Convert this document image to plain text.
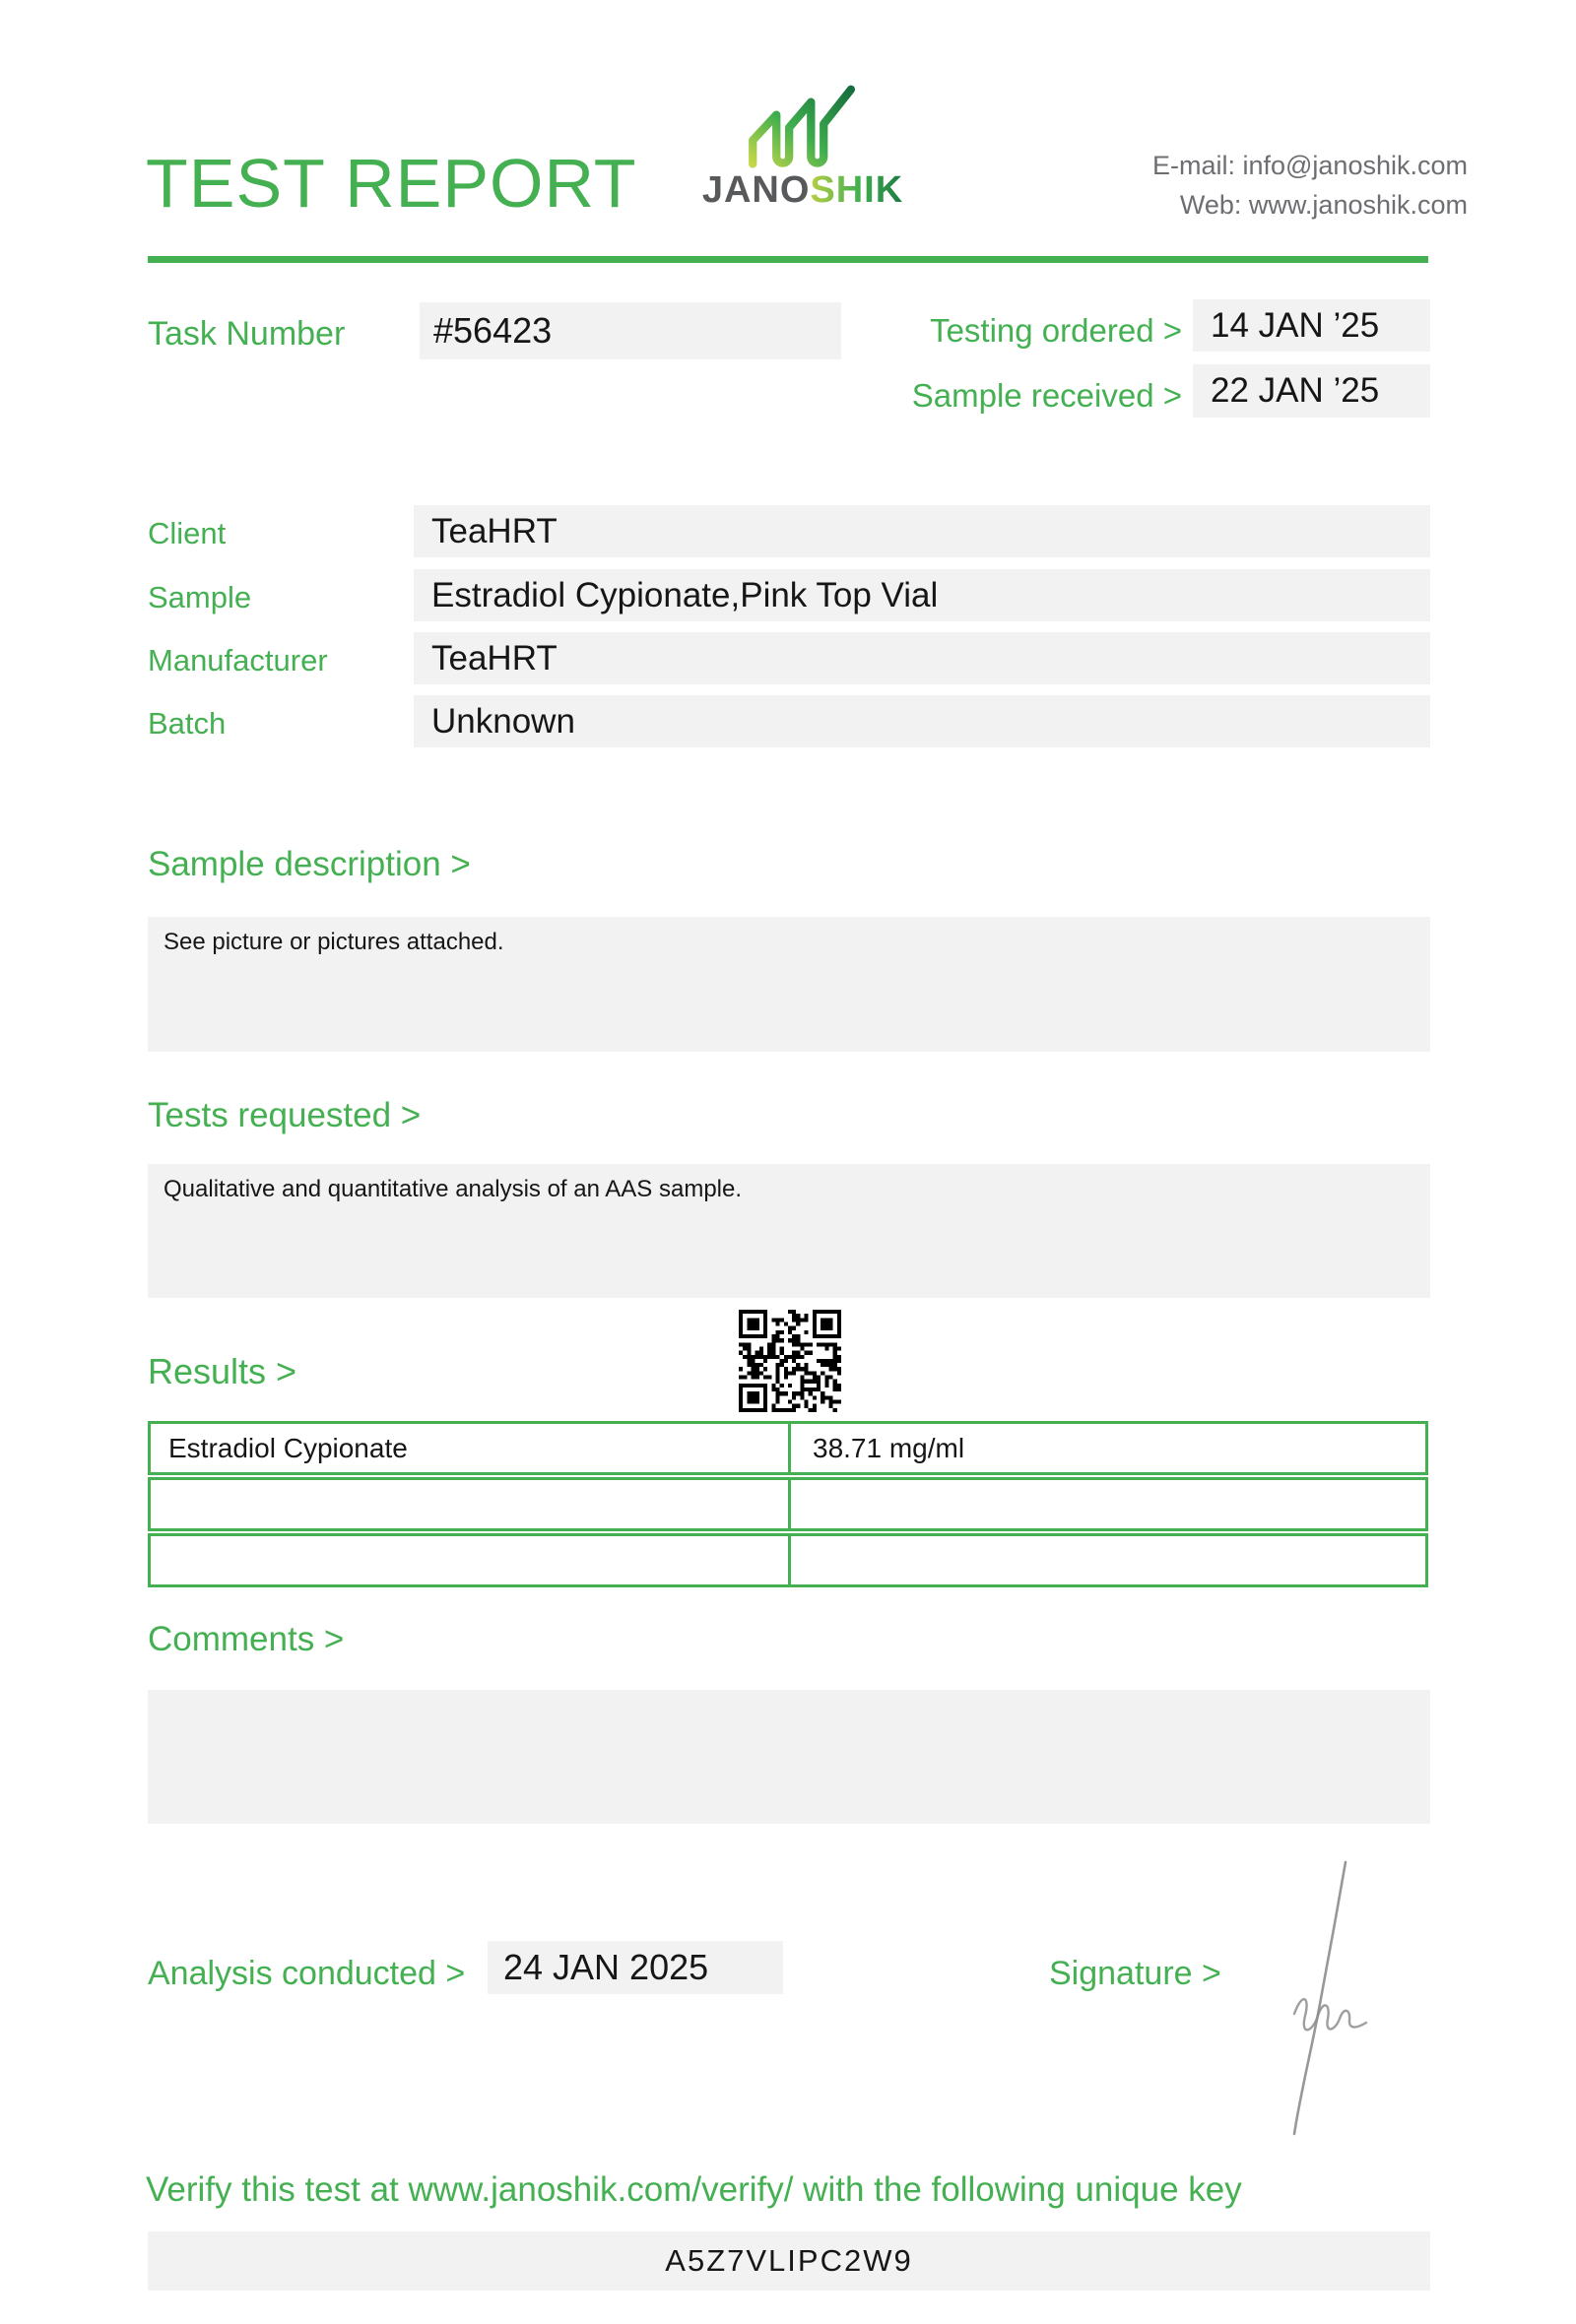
TEST REPORT	JANOSHIK
E-mail: info@janoshik.com
Web: www.janoshik.com
Task Number	#56423	Testing ordered > 14 JAN ’25
Sample received > 22 JAN ’25
Client	TeaHRT
Sample	Estradiol Cypionate,Pink Top Vial
Manufacturer	TeaHRT
Batch	Unknown
Sample description >
See picture or pictures attached.
Tests requested >
Qualitative and quantitative analysis of an AAS sample.
Results >
Estradiol Cypionate	38.71 mg/ml
Comments >
Analysis conducted >	24 JAN 2025	Signature >
Verify this test at www.janoshik.com/verify/ with the following unique key
A5Z7VLIPC2W9
